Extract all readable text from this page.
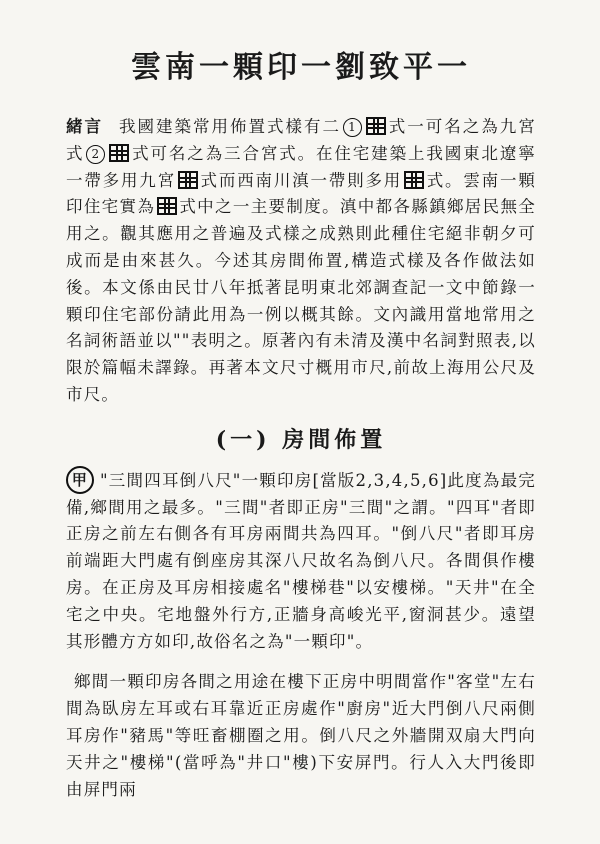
雲南一顆印一劉致平一

緒言 我國建築常用佈置式樣有二 1 式一可名之為九宮式 2 式可名之為三合宮式。在住宅建築上我國東北遼寧一帶多用九宮 式而西南川滇一帶則多用 式。雲南一顆印住宅實為 式中之一主要制度。滇中都各縣鎮鄉居民無全用之。觀其應用之普遍及式樣之成熟則此種住宅絕非朝夕可成而是由來甚久。今述其房間佈置,構造式樣及各作做法如後。本文係由民廿八年抵著昆明東北郊調查記一文中節錄一顆印住宅部份請此用為一例以概其餘。文內識用當地常用之名詞術語並以""表明之。原著內有未清及漢中名詞對照表,以限於篇幅未譯錄。再著本文尺寸概用市尺,前故上海用公尺及市尺。

(一) 房間佈置

甲 "三間四耳倒八尺"一顆印房[當版2,3,4,5,6]此度為最完備,鄉間用之最多。"三間"者即正房"三間"之謂。"四耳"者即正房之前左右側各有耳房兩間共為四耳。"倒八尺"者即耳房前端距大門處有倒座房其深八尺故名為倒八尺。各間俱作樓房。在正房及耳房相接處名"樓梯巷"以安樓梯。"天井"在全宅之中央。宅地盤外行方,正牆身高峻光平,窗洞甚少。遠望其形體方方如印,故俗名之為"一顆印"。

鄉間一顆印房各間之用途在樓下正房中明間當作"客堂"左右間為臥房左耳或右耳靠近正房處作"廚房"近大門倒八尺兩側耳房作"豬馬"等旺畜棚圈之用。倒八尺之外牆開双扇大門向天井之"樓梯"(當呼為"井口"樓)下安屏門。行人入大門後即由屏門兩
